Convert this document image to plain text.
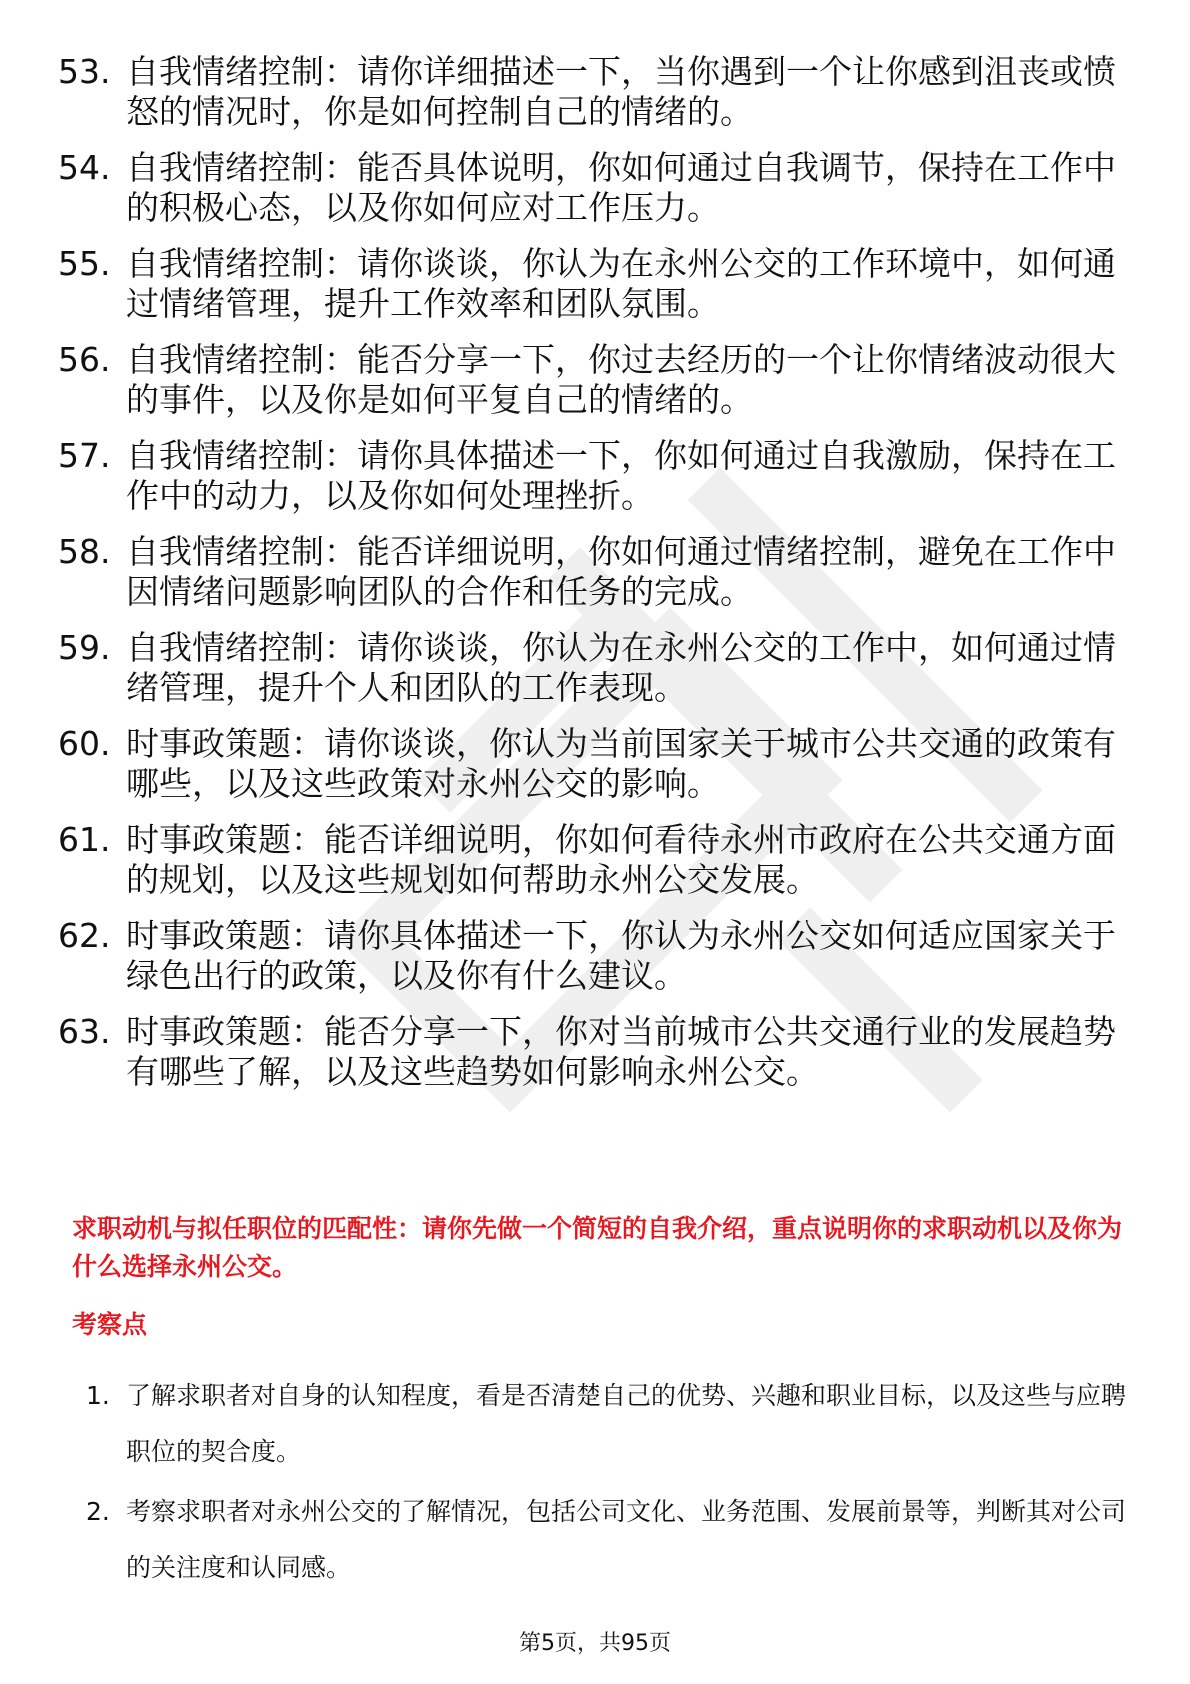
53. 自我情绪控制：请你详细描述一下，当你遇到一个让你感到沮丧或愤怒的情况时，你是如何控制自己的情绪的。
54. 自我情绪控制：能否具体说明，你如何通过自我调节，保持在工作中的积极心态，以及你如何应对工作压力。
55. 自我情绪控制：请你谈谈，你认为在永州公交的工作环境中，如何通过情绪管理，提升工作效率和团队氛围。
56. 自我情绪控制：能否分享一下，你过去经历的一个让你情绪波动很大的事件，以及你是如何平复自己的情绪的。
57. 自我情绪控制：请你具体描述一下，你如何通过自我激励，保持在工作中的动力，以及你如何处理挫折。
58. 自我情绪控制：能否详细说明，你如何通过情绪控制，避免在工作中因情绪问题影响团队的合作和任务的完成。
59. 自我情绪控制：请你谈谈，你认为在永州公交的工作中，如何通过情绪管理，提升个人和团队的工作表现。
60. 时事政策题：请你谈谈，你认为当前国家关于城市公共交通的政策有哪些，以及这些政策对永州公交的影响。
61. 时事政策题：能否详细说明，你如何看待永州市政府在公共交通方面的规划，以及这些规划如何帮助永州公交发展。
62. 时事政策题：请你具体描述一下，你认为永州公交如何适应国家关于绿色出行的政策，以及你有什么建议。
63. 时事政策题：能否分享一下，你对当前城市公共交通行业的发展趋势有哪些了解，以及这些趋势如何影响永州公交。
求职动机与拟任职位的匹配性：请你先做一个简短的自我介绍，重点说明你的求职动机以及你为什么选择永州公交。
考察点
1. 了解求职者对自身的认知程度，看是否清楚自己的优势、兴趣和职业目标，以及这些与应聘职位的契合度。
2. 考察求职者对永州公交的了解情况，包括公司文化、业务范围、发展前景等，判断其对公司的关注度和认同感。
第5页，共95页
